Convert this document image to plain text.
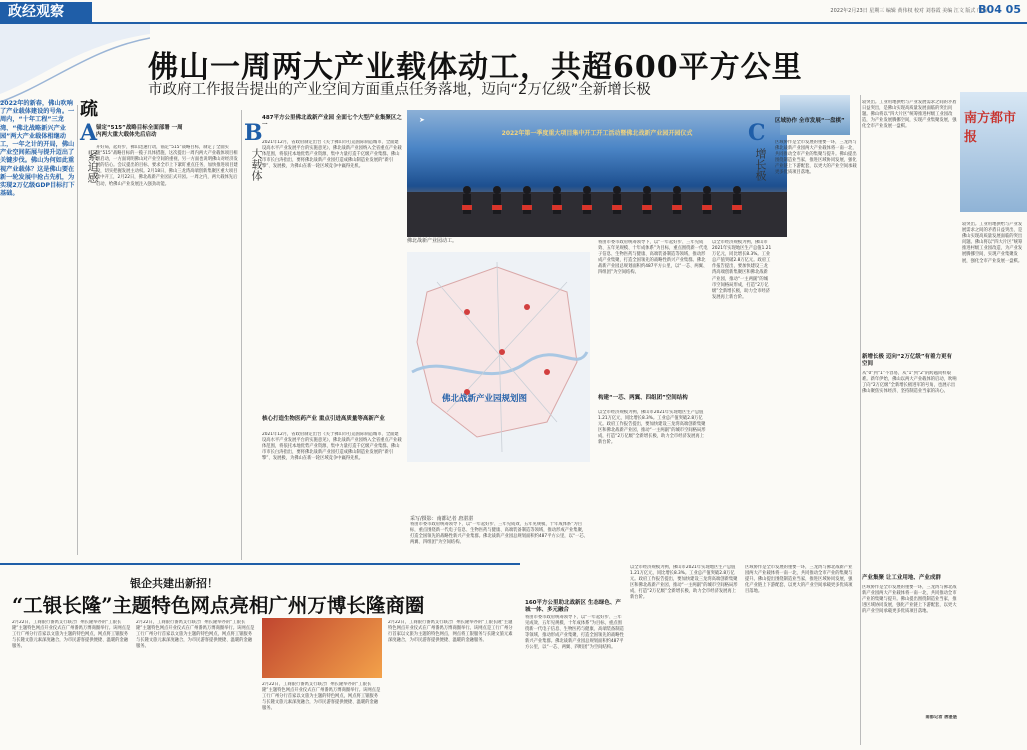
政经观察	2022年2月23日 星期三 编辑 黄伟权 校对 刘春霞 美编 江文 版式 邝莉
B04 05
佛山一周两大产业载体动工，共超600平方公里
市政府工作报告提出的产业空间方面重点任务落地，迈向“2万亿级”全新增长极
2022年的新春，佛山吹响了产业载体建设的号角。一周内，“十年工程”三龙湾、“佛北战略新兴产业园”两大产业载体相继动工，一年之计的开局，佛山产业空间拓展与提升迈出了关键步伐。佛山为何如此重视产业载体？这是佛山要在新一轮发展中抢占先机，为实现2万亿级GDP目标打下基础。
疏
A
锚定“515”战略目标全面部署 一周内两大重大载体先后启动
紧迫感
开好局，起好步，佛山迅速行动，锚定“515”战略目标，制定了全面实施“515”战略目标的一揽子具体措施，这次提出一周内两大产业载体项目相继启动，一方面说明佛山对产业空间的重视，另一方面也说明佛山对经济发展的信心。会议提出的目标，要求全市上下紧盯重点任务，加快推进项目建设，切实把握发展主动权。2月18日，佛山三龙湾高端创新集聚区重大项目集中开工，2月22日，佛北战新产业园正式开园。一周之内，两大载体先后启动，给佛山产业发展注入强劲动能。
B
487平方公里佛北战新产业园 全面七个大型产业集聚区之一
大载体
2021年12月，省政府制定出台《关于佛山市打造国际制造城市、全面建设高水平产业发展平台的实施意见》，佛北战新产业园纳入全省重点产业载体范围，将依托本地优势产业资源，集中力量打造千亿级产业集群。佛山市市长白涛指出，要将佛北战新产业园打造成佛山制造业发展的“新引擎”、发展极，为佛山在新一轮区域竞争中赢得先机。
核心打造生物医药产业 重点引进高质量等高新产业
2021年12月，省政府制定出台《关于佛山市打造国际制造城市、全面建设高水平产业发展平台的实施意见》，佛北战新产业园纳入全省重点产业载体范围，将依托本地优势产业资源，集中力量打造千亿级产业集群。佛山市市长白涛指出，要将佛北战新产业园打造成佛山制造业发展的“新引擎”、发展极，为佛山在新一轮区域竞争中赢得先机。
2022年第一季度重大项目集中开工开工活动暨佛北战新产业园开园仪式
➤
佛北战新产业园动工。	将由市委市政府统筹领导下，以“一年起好步、三年见成效、五年见规模、十年成体系”为目标，重点围绕新一代电子信息、生物医药与健康、高端装备制造等领域，推动形成产业集聚，打造全国领先的战略性新兴产业集群。佛北战新产业园总规划面积约487平方公里，以“一芯、两翼、四组团”为空间结构。
构建“一芯、两翼、四组团”空间结构
以全市经济规模为例，佛山市2021年实现地区生产总值1.21万亿元，同比增长8.3%。工业总产值突破2.8万亿元。政府工作报告提出，要加快建设三龙湾高端创新集聚区和佛北战新产业园，推动“一主两副”的城市空间格局形成，打造“2万亿级”全新增长极，助力全市经济发展再上新台阶。
佛北战新产业园规划图
采写/摄影：南都记者 唐湛湛
将由市委市政府统筹领导下，以“一年起好步、三年见成效、五年见规模、十年成体系”为目标，重点围绕新一代电子信息、生物医药与健康、高端装备制造等领域，推动形成产业集聚，打造全国领先的战略性新兴产业集群。佛北战新产业园总规划面积约487平方公里，以“一芯、两翼、四组团”为空间结构。
C
增长极
区域协作 全市发展“一盘棋”
区域协作是全市发展的重要一环，三龙湾与佛北战新产业园两大产业载体将一南一北，共同推动全市产业的集聚与提升。佛山提出围绕制造业当家，推进区域协同发展，强化产业链上下游配套，以更大的产业空间承载更多优质项目落地。
以全市经济规模为例，佛山市2021年实现地区生产总值1.21万亿元，同比增长8.3%。工业总产值突破2.8万亿元。政府工作报告提出，要加快建设三龙湾高端创新集聚区和佛北战新产业园，推动“一主两副”的城市空间格局形成，打造“2万亿级”全新增长极，助力全市经济发展再上新台阶。
较突出。工业用地供给与产业发展需求之间的矛盾日益突出，是佛山实现高质量发展面临的突出问题。佛山将以“四大片区”统筹推进村级工业园改造，为产业发展腾挪空间，实现产业集聚发展，强化全市产业发展一盘棋。
新增长极 迈向“2万亿级”有着力更有空间
从“0”到“1”不容易，从“1”到“2”的跨越同样艰难。新年伊始，佛山以两大产业载体的启动，吹响了向“2万亿级”全新增长极进军的号角，也展示出佛山聚焦实体经济、坚持制造业当家的决心。
产业集聚 让工业用地、产业成群
区域协作是全市发展的重要一环，三龙湾与佛北战新产业园两大产业载体将一南一北，共同推动全市产业的集聚与提升。佛山提出围绕制造业当家，推进区域协同发展，强化产业链上下游配套，以更大的产业空间承载更多优质项目落地。
南都记者 唐湛湛
南方都市报
较突出。工业用地供给与产业发展需求之间的矛盾日益突出，是佛山实现高质量发展面临的突出问题。佛山将以“四大片区”统筹推进村级工业园改造，为产业发展腾挪空间，实现产业集聚发展，强化全市产业发展一盘棋。
160平方公里助北战新区 生态绿色、产城一体、多元融合
将由市委市政府统筹领导下，以“一年起好步、三年见成效、五年见规模、十年成体系”为目标，重点围绕新一代电子信息、生物医药与健康、高端装备制造等领域，推动形成产业集聚，打造全国领先的战略性新兴产业集群。佛北战新产业园总规划面积约487平方公里，以“一芯、两翼、四组团”为空间结构。
以全市经济规模为例，佛山市2021年实现地区生产总值1.21万亿元，同比增长8.3%。工业总产值突破2.8万亿元。政府工作报告提出，要加快建设三龙湾高端创新集聚区和佛北战新产业园，推动“一主两副”的城市空间格局形成，打造“2万亿级”全新增长极，助力全市经济发展再上新台阶。
区域协作是全市发展的重要一环，三龙湾与佛北战新产业园两大产业载体将一南一北，共同推动全市产业的集聚与提升。佛山提出围绕制造业当家，推进区域协同发展，强化产业链上下游配套，以更大的产业空间承载更多优质项目落地。
银企共建出新招！
“工银长隆”主题特色网点亮相广州万博长隆商圈
2月22日，工商银行番禺支行联合广州长隆举办的“工银长隆”主题特色网点开业仪式在广州番禺万博商圈举行。该网点是工行广州分行首家以文旅为主题的特色网点，网点将工银服务与长隆文旅元素深度融合，为市民游客提供便捷、温暖的金融服务。
2月22日，工商银行番禺支行联合广州长隆举办的“工银长隆”主题特色网点开业仪式在广州番禺万博商圈举行。该网点是工行广州分行首家以文旅为主题的特色网点，网点将工银服务与长隆文旅元素深度融合，为市民游客提供便捷、温暖的金融服务。
2月22日，工商银行番禺支行联合广州长隆举办的“工银长隆”主题特色网点开业仪式在广州番禺万博商圈举行。该网点是工行广州分行首家以文旅为主题的特色网点，网点将工银服务与长隆文旅元素深度融合，为市民游客提供便捷、温暖的金融服务。
2月22日，工商银行番禺支行联合广州长隆举办的“工银长隆”主题特色网点开业仪式在广州番禺万博商圈举行。该网点是工行广州分行首家以文旅为主题的特色网点，网点将工银服务与长隆文旅元素深度融合，为市民游客提供便捷、温暖的金融服务。
